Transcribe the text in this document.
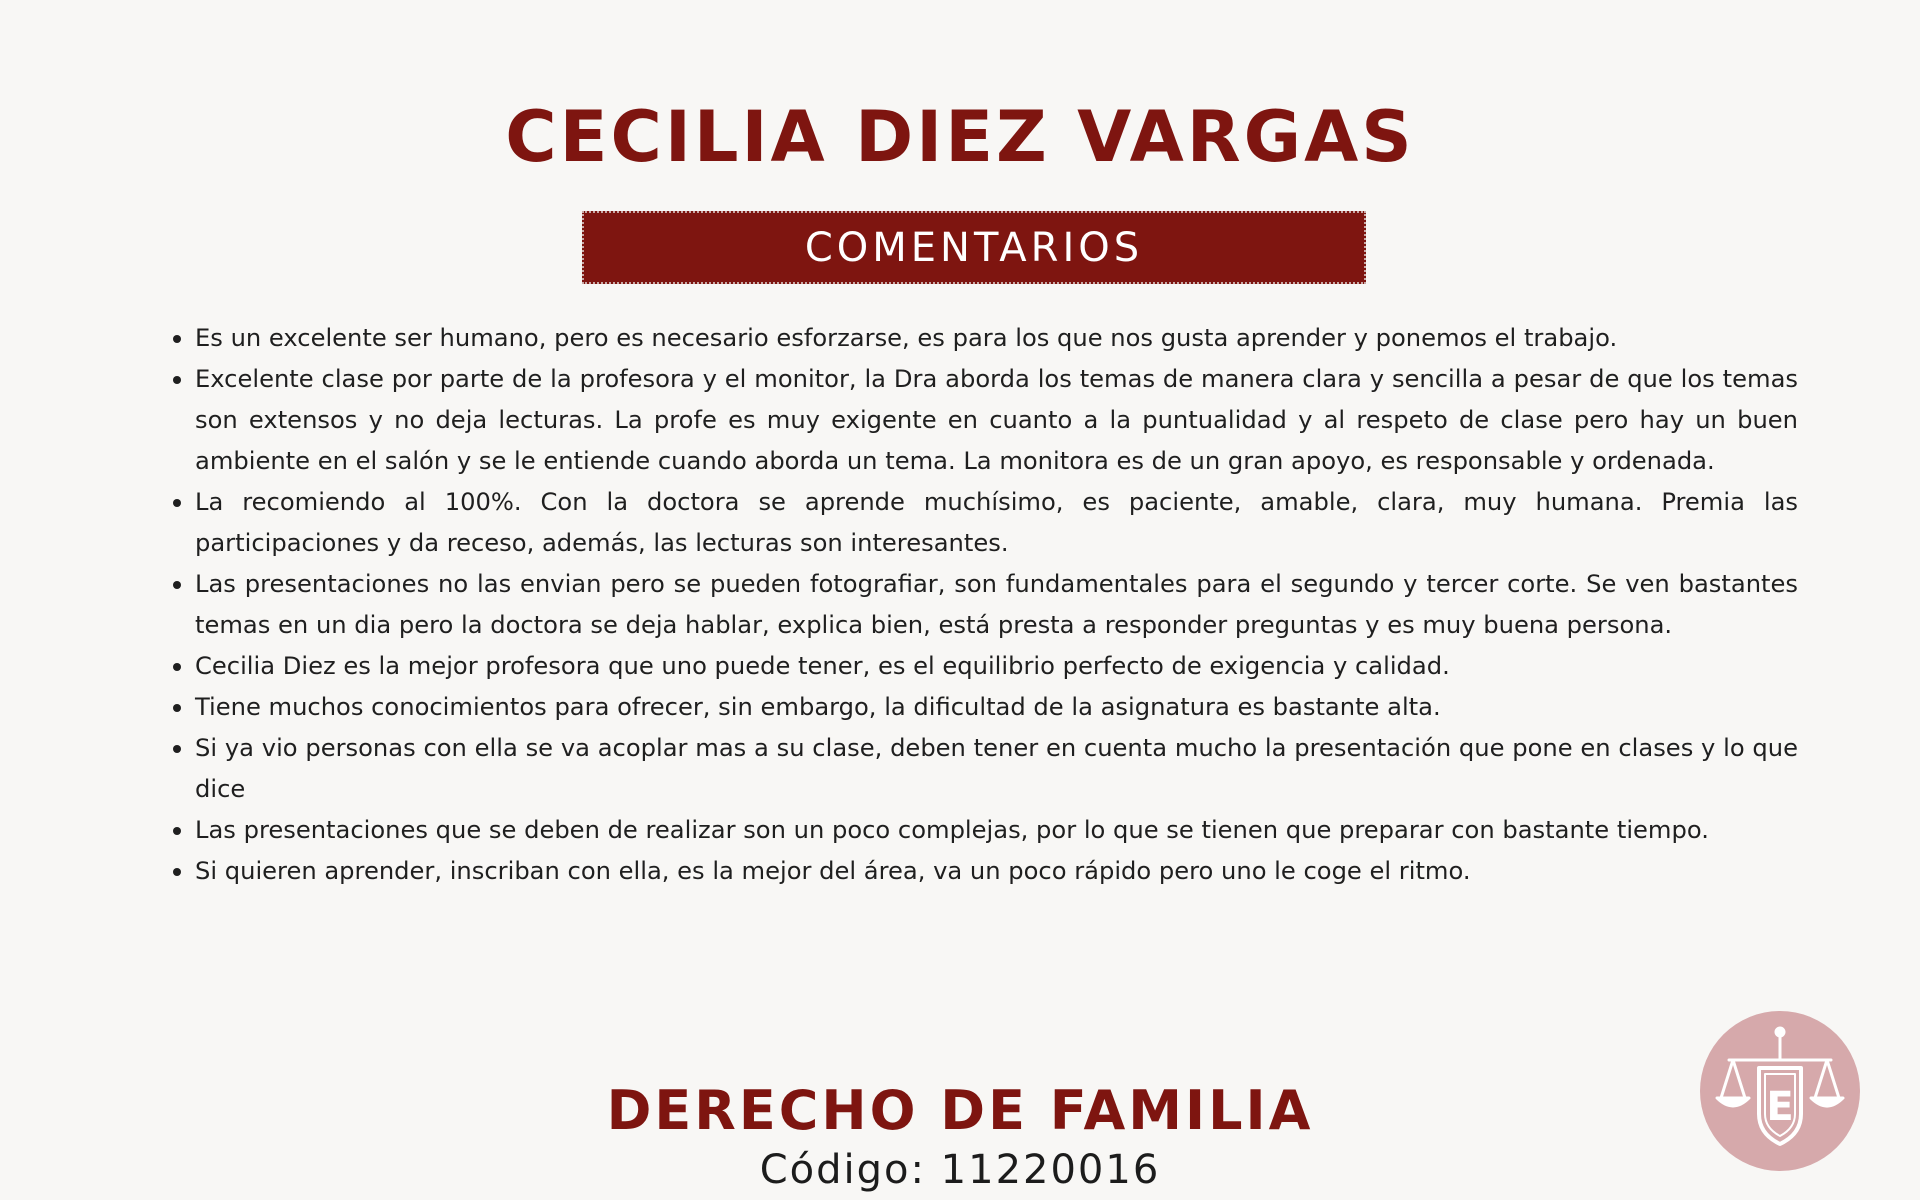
CECILIA DIEZ VARGAS
COMENTARIOS
Es un excelente ser humano, pero es necesario esforzarse, es para los que nos gusta aprender y ponemos el trabajo.
Excelente clase por parte de la profesora y el monitor, la Dra aborda los temas de manera clara y sencilla a pesar de que los temas son extensos y no deja lecturas. La profe es muy exigente en cuanto a la puntualidad y al respeto de clase pero hay un buen ambiente en el salón y se le entiende cuando aborda un tema. La monitora es de un gran apoyo, es responsable y ordenada.
La recomiendo al 100%. Con la doctora se aprende muchísimo, es paciente, amable, clara, muy humana. Premia las participaciones y da receso, además, las lecturas son interesantes.
Las presentaciones no las envian pero se pueden fotografiar, son fundamentales para el segundo y tercer corte. Se ven bastantes temas en un dia pero la doctora se deja hablar, explica bien, está presta a responder preguntas y es muy buena persona.
Cecilia Diez es la mejor profesora que uno puede tener, es el equilibrio perfecto de exigencia y calidad.
Tiene muchos conocimientos para ofrecer, sin embargo, la dificultad de la asignatura es bastante alta.
Si ya vio personas con ella se va acoplar mas a su clase, deben tener en cuenta mucho la presentación que pone en clases y lo que dice
Las presentaciones que se deben de realizar son un poco complejas, por lo que se tienen que preparar con bastante tiempo.
Si quieren aprender, inscriban con ella, es la mejor del área, va un poco rápido pero uno le coge el ritmo.
DERECHO DE FAMILIA
Código: 11220016
E
